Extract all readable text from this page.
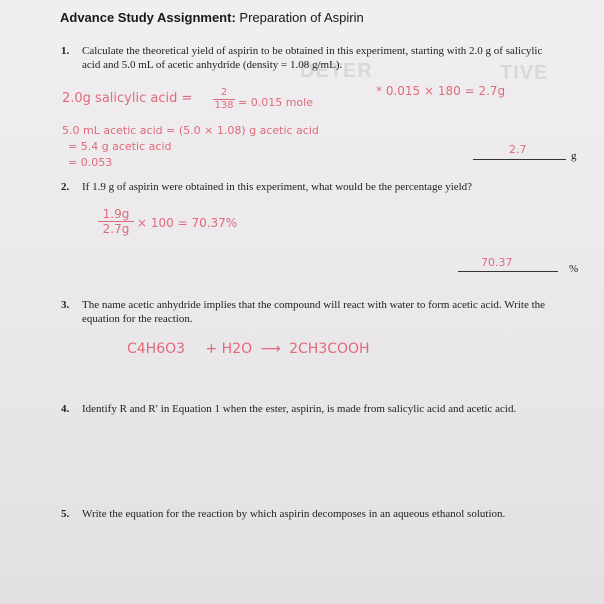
DETER	TIVE
Advance Study Assignment: Preparation of Aspirin
1. Calculate the theoretical yield of aspirin to be obtained in this experiment, starting with 2.0 g of salicylic acid and 5.0 mL of acetic anhydride (density = 1.08 g/mL).
2.0g salicylic acid =	2
138 = 0.015 mole
* 0.015 × 180 = 2.7g
5.0 mL acetic acid = (5.0 × 1.08) g acetic acid
= 5.4 g acetic acid
= 0.053
2.7	g
2. If 1.9 g of aspirin were obtained in this experiment, what would be the percentage yield?
1.9g
2.7g × 100 = 70.37%
70.37	%
3. The name acetic anhydride implies that the compound will react with water to form acetic acid. Write the equation for the reaction.
C4H6O3 + H2O ⟶ 2CH3COOH
4. Identify R and R′ in Equation 1 when the ester, aspirin, is made from salicylic acid and acetic acid.
5. Write the equation for the reaction by which aspirin decomposes in an aqueous ethanol solution.
